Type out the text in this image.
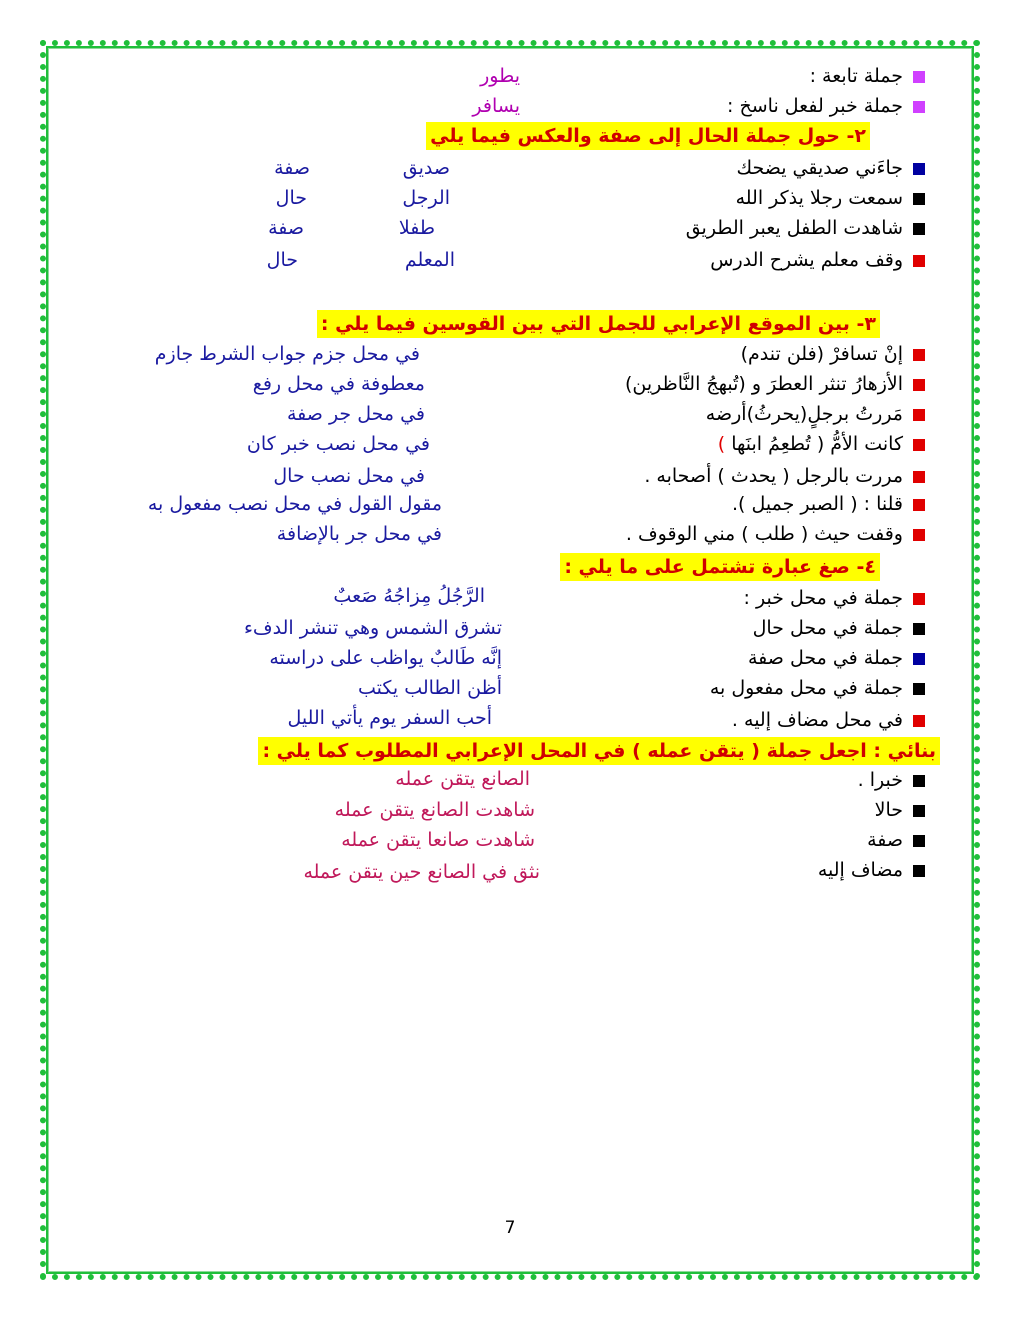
جملة تابعة :
يطور
جملة خبر لفعل ناسخ :
يسافر
٢- حول جملة الحال إلى صفة والعكس فيما يلي
جاءَني صديقي يضحك
صديق
صفة
سمعت رجلا يذكر الله
الرجل
حال
شاهدت الطفل يعبر الطريق
طفلا
صفة
وقف معلم يشرح الدرس
المعلم
حال
٣- بين الموقع الإعرابي للجمل التي بين القوسين فيما يلي :
إنْ تسافرْ (فلن تندم)
في محل جزم جواب الشرط جازم
الأزهارُ تنثر العطرَ و (تُبهجُ النَّاظرين)
معطوفة في محل رفع
مَررتُ برجلٍ(يحرثُ)أرضه
في محل جر صفة
كانت الأمُّ ( تُطعِمُ ابنَها )
في محل نصب خبر كان
مررت بالرجل ( يحدث ) أصحابه .
في محل نصب حال
قلنا : ( الصبر جميل ).
مقول القول في محل نصب مفعول به
وقفت حيث ( طلب ) مني الوقوف .
في محل جر بالإضافة
٤- صغ عبارة تشتمل على ما يلي :
جملة في محل خبر :
الرَّجُلُ مِزاجُهُ صَعبٌ
جملة في محل حال
تشرق الشمس وهي تنشر الدفء
جملة في محل صفة
إنَّه طَالبٌ يواظب على دراسته
جملة في محل مفعول به
أظن الطالب يكتب
في محل مضاف إليه .
أحب السفر يوم يأتي الليل
بنائي : اجعل جملة ( يتقن عمله ) في المحل الإعرابي المطلوب كما يلي :
خبرا .
الصانع يتقن عمله
حالا
شاهدت الصانع يتقن عمله
صفة
شاهدت صانعا يتقن عمله
مضاف إليه
نثق في الصانع حين يتقن عمله
7
